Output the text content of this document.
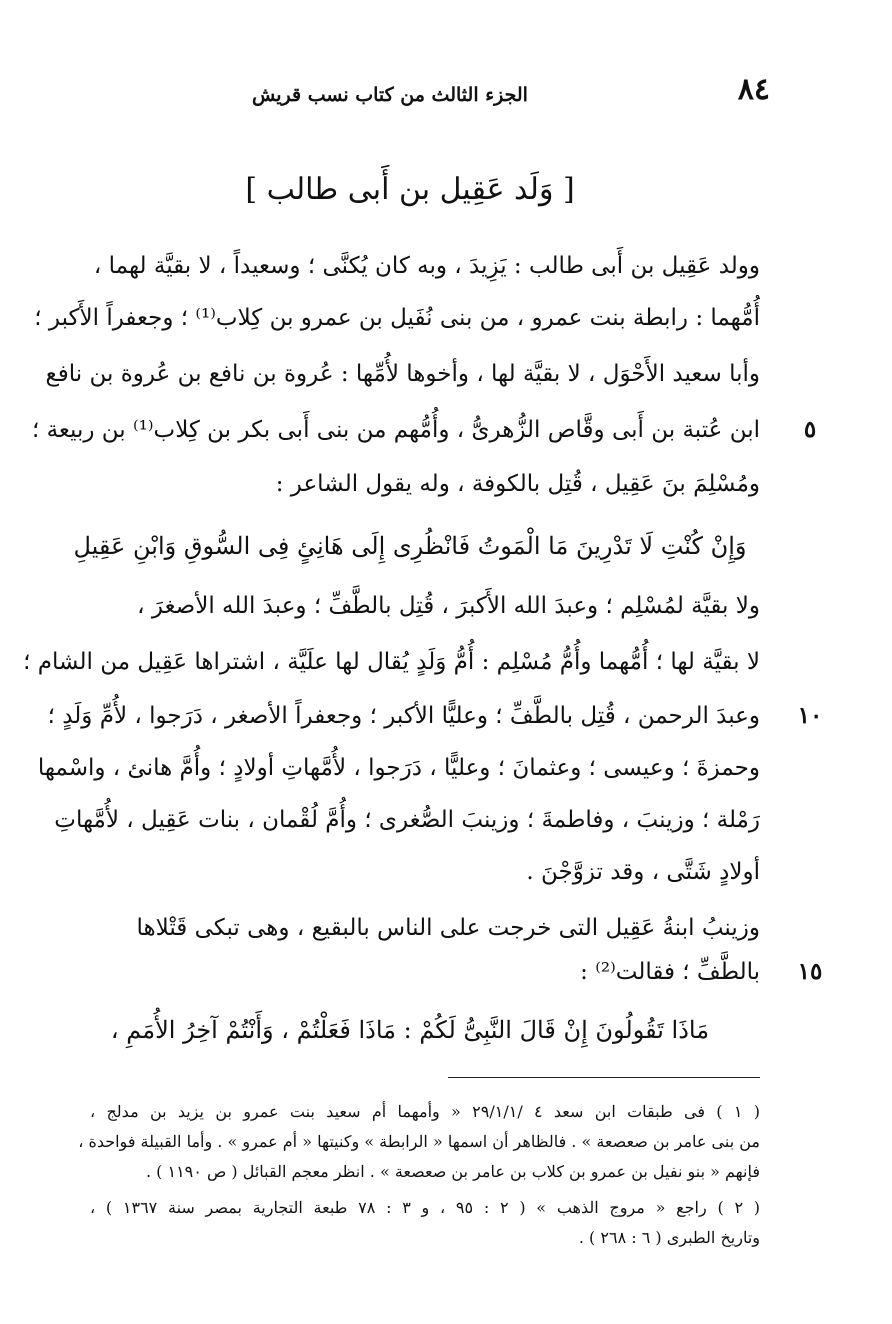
الجزء الثالث من كتاب نسب قريش	٨٤
[ وَلَد عَقِيل بن أَبى طالب ]
وولد عَقِيل بن أَبى طالب : يَزِيدَ ، وبه كان يُكنَّى ؛ وسعيداً ، لا بقيَّة لهما ،
أُمُّهما : رابطة بنت عمرو ، من بنى نُفَيل بن عمرو بن كِلاب⁽¹⁾ ؛ وجعفراً الأَكبر ؛
وأبا سعيد الأَحْوَل ، لا بقيَّة لها ، وأخوها لأُمِّها : عُروة بن نافع بن عُروة بن نافع
ابن عُتبة بن أَبى وقَّاص الزُّهرىُّ ، وأُمُّهم من بنى أَبى بكر بن كِلاب⁽¹⁾ بن ربيعة ؛	٥
ومُسْلِمَ بنَ عَقِيل ، قُتِل بالكوفة ، وله يقول الشاعر :
وَإِنْ كُنْتِ لَا تَدْرِينَ مَا الْمَوتُ فَانْظُرِى إِلَى هَانِئٍ فِى السُّوقِ وَابْنِ عَقِيلِ
ولا بقيَّة لمُسْلِم ؛ وعبدَ الله الأَكبرَ ، قُتِل بالطَّفِّ ؛ وعبدَ الله الأصغرَ ،
لا بقيَّة لها ؛ أُمُّهما وأُمُّ مُسْلِم : أُمُّ وَلَدٍ يُقال لها علَيَّة ، اشتراها عَقِيل من الشام ؛
وعبدَ الرحمن ، قُتِل بالطَّفِّ ؛ وعليًّا الأكبر ؛ وجعفراً الأصغر ، دَرَجوا ، لأُمِّ وَلَدٍ ؛	١٠
وحمزةَ ؛ وعيسى ؛ وعثمانَ ؛ وعليًّا ، دَرَجوا ، لأُمَّهاتِ أولادٍ ؛ وأُمَّ هانئ ، واسْمها
رَمْلة ؛ وزينبَ ، وفاطمةَ ؛ وزينبَ الصُّغرى ؛ وأُمَّ لُقْمان ، بنات عَقِيل ، لأُمَّهاتِ
أولادٍ شَتَّى ، وقد تزوَّجْنَ .
وزينبُ ابنةُ عَقِيل التى خرجت على الناس بالبقيع ، وهى تبكى قَتْلاها
بالطَّفِّ ؛ فقالت⁽²⁾ :	١٥
مَاذَا تَقُولُونَ إِنْ قَالَ النَّبِىُّ لَكُمْ : مَاذَا فَعَلْتُمْ ، وَأَنْتُمْ آخِرُ الأُمَمِ ،
( ١ ) فى طبقات ابن سعد ٤ /٢٩/١/١ « وأمهما أم سعيد بنت عمرو بن يزيد بن مدلج ،
من بنى عامر بن صعصعة » . فالظاهر أن اسمها « الرابطة » وكنيتها « أم عمرو » . وأما القبيلة فواحدة ،
فإنهم « بنو نفيل بن عمرو بن كلاب بن عامر بن صعصعة » . انظر معجم القبائل ( ص ١١٩٠ ) .
( ٢ ) راجع « مروج الذهب » ( ٢ : ٩٥ ، و ٣ : ٧٨ طبعة التجارية بمصر سنة ١٣٦٧ ) ،
وتاريخ الطبرى ( ٦ : ٢٦٨ ) .
